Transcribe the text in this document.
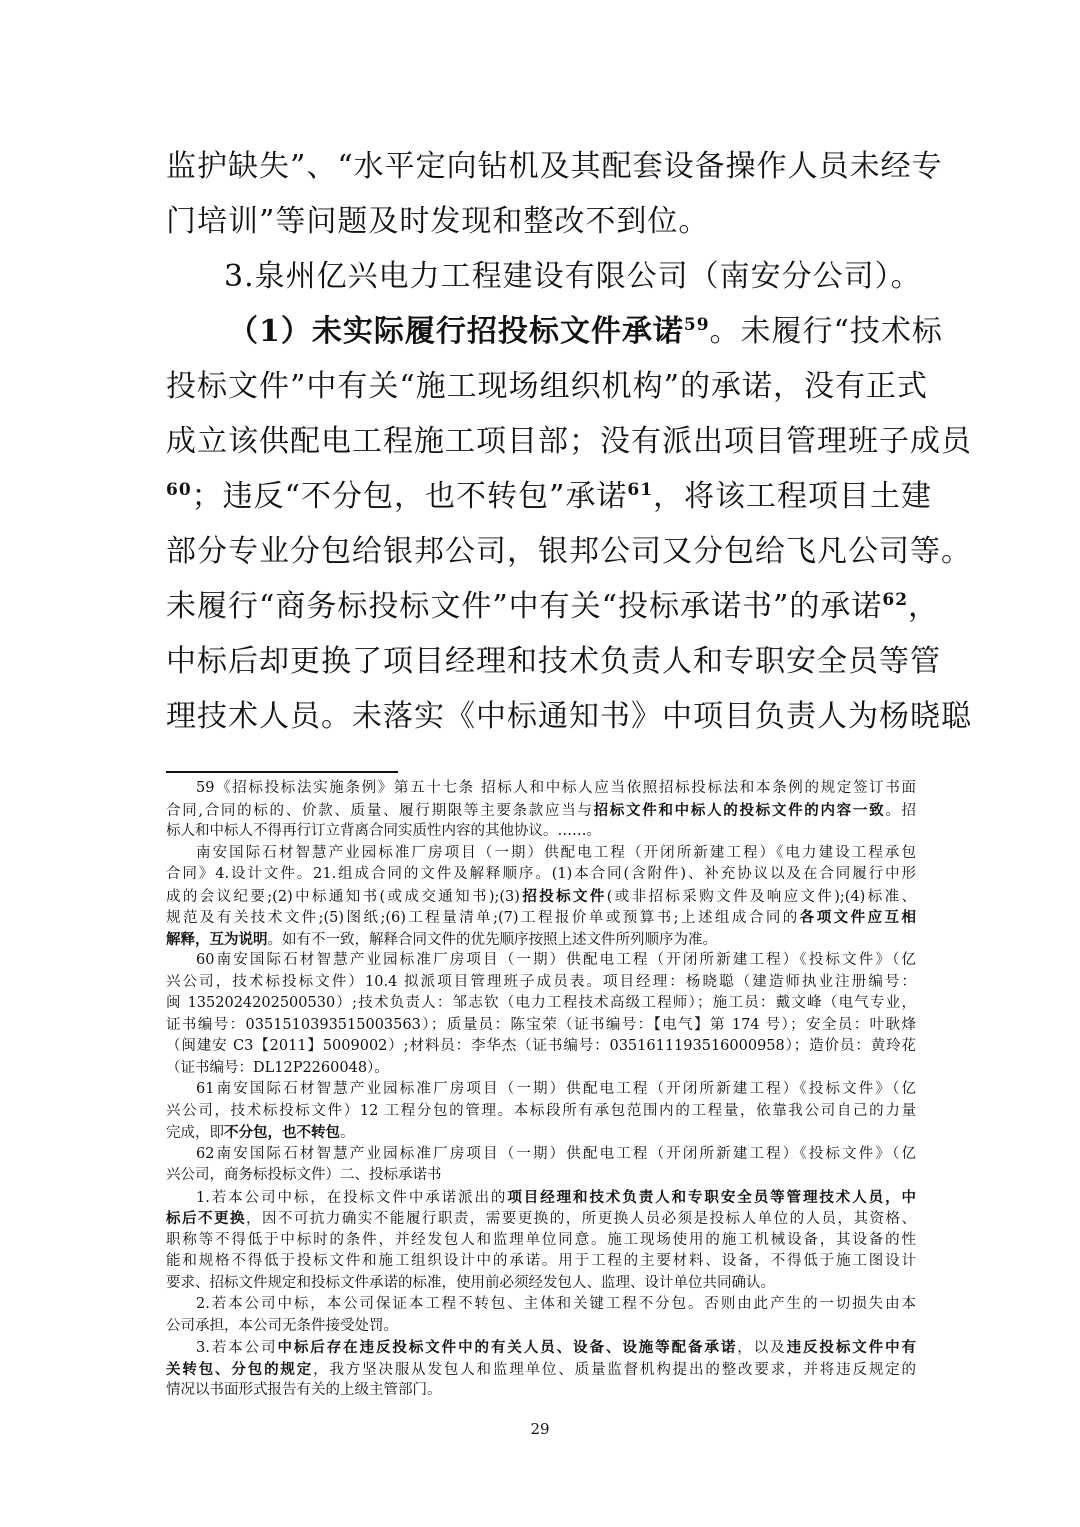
监护缺失”、“水平定向钻机及其配套设备操作人员未经专
门培训”等问题及时发现和整改不到位。
3.泉州亿兴电力工程建设有限公司（南安分公司）。
（1）未实际履行招投标文件承诺$^{59}$。未履行“技术标
投标文件”中有关“施工现场组织机构”的承诺，没有正式
成立该供配电工程施工项目部；没有派出项目管理班子成员
$^{60}$；违反“不分包，也不转包”承诺$^{61}$，将该工程项目土建
部分专业分包给银邦公司，银邦公司又分包给飞凡公司等。
未履行“商务标投标文件”中有关“投标承诺书”的承诺$^{62}$，
中标后却更换了项目经理和技术负责人和专职安全员等管
理技术人员。未落实《中标通知书》中项目负责人为杨晓聪
59《招标投标法实施条例》第五十七条 招标人和中标人应当依照招标投标法和本条例的规定签订书面
合同,合同的标的、价款、质量、履行期限等主要条款应当与招标文件和中标人的投标文件的内容一致。招
标人和中标人不得再行订立背离合同实质性内容的其他协议。……。
南安国际石材智慧产业园标准厂房项目（一期）供配电工程（开闭所新建工程）《电力建设工程承包
合同》4.设计文件。21.组成合同的文件及解释顺序。(1)本合同(含附件)、补充协议以及在合同履行中形
成的会议纪要;(2)中标通知书(或成交通知书);(3)招投标文件(或非招标采购文件及响应文件);(4)标准、
规范及有关技术文件;(5)图纸;(6)工程量清单;(7)工程报价单或预算书;上述组成合同的各项文件应互相
解释，互为说明。如有不一致，解释合同文件的优先顺序按照上述文件所列顺序为准。
60南安国际石材智慧产业园标准厂房项目（一期）供配电工程（开闭所新建工程）《投标文件》（亿
兴公司，技术标投标文件）10.4 拟派项目管理班子成员表。项目经理：杨晓聪（建造师执业注册编号：
闽 1352024202500530）;技术负责人：邹志钦（电力工程技术高级工程师）；施工员：戴文峰（电气专业，
证书编号：0351510393515003563）；质量员：陈宝荣（证书编号：【电气】第 174 号）；安全员：叶耿烽
（闽建安 C3【2011】5009002）;材料员：李华杰（证书编号：0351611193516000958）；造价员：黄玲花
（证书编号：DL12P2260048）。
61南安国际石材智慧产业园标准厂房项目（一期）供配电工程（开闭所新建工程）《投标文件》（亿
兴公司，技术标投标文件）12 工程分包的管理。本标段所有承包范围内的工程量，依靠我公司自己的力量
完成，即不分包，也不转包。
62南安国际石材智慧产业园标准厂房项目（一期）供配电工程（开闭所新建工程）《投标文件》（亿
兴公司，商务标投标文件）二、投标承诺书
1.若本公司中标，在投标文件中承诺派出的项目经理和技术负责人和专职安全员等管理技术人员，中
标后不更换，因不可抗力确实不能履行职责，需要更换的，所更换人员必须是投标人单位的人员，其资格、
职称等不得低于中标时的条件，并经发包人和监理单位同意。施工现场使用的施工机械设备，其设备的性
能和规格不得低于投标文件和施工组织设计中的承诺。用于工程的主要材料、设备，不得低于施工图设计
要求、招标文件规定和投标文件承诺的标准，使用前必须经发包人、监理、设计单位共同确认。
2.若本公司中标，本公司保证本工程不转包、主体和关键工程不分包。否则由此产生的一切损失由本
公司承担，本公司无条件接受处罚。
3.若本公司中标后存在违反投标文件中的有关人员、设备、设施等配备承诺，以及违反投标文件中有
关转包、分包的规定，我方坚决服从发包人和监理单位、质量监督机构提出的整改要求，并将违反规定的
情况以书面形式报告有关的上级主管部门。
29
